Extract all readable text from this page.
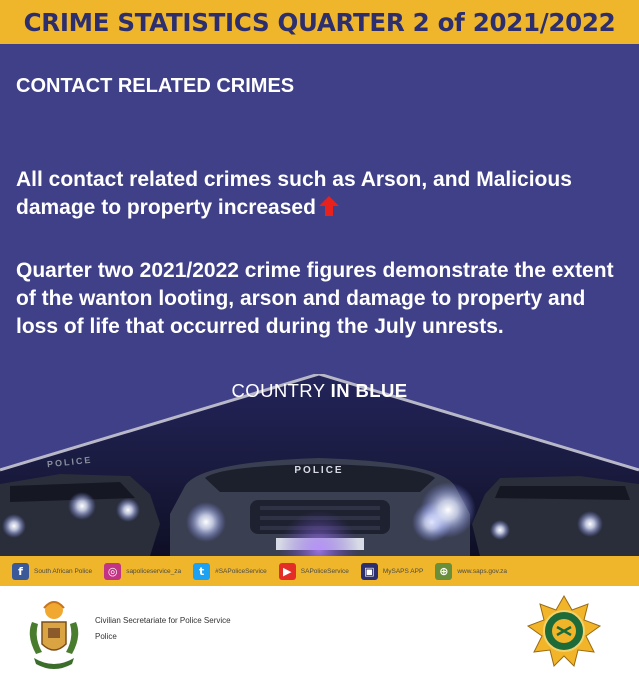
CRIME STATISTICS QUARTER 2 of 2021/2022
CONTACT RELATED CRIMES
All contact related crimes such as Arson, and Malicious damage to property increased
Quarter two 2021/2022 crime figures demonstrate the extent of the wanton looting, arson and damage to property and loss of life that occurred during the July unrests.
POLICE
POLICE
COUNTRY IN BLUE
f	South African Police	◎	sapoliceservice_za	t	#SAPoliceService	▶	SAPoliceService ▣	MySAPS APP	⊕	www.saps.gov.za
Civilian Secretariate for Police Service
Police
